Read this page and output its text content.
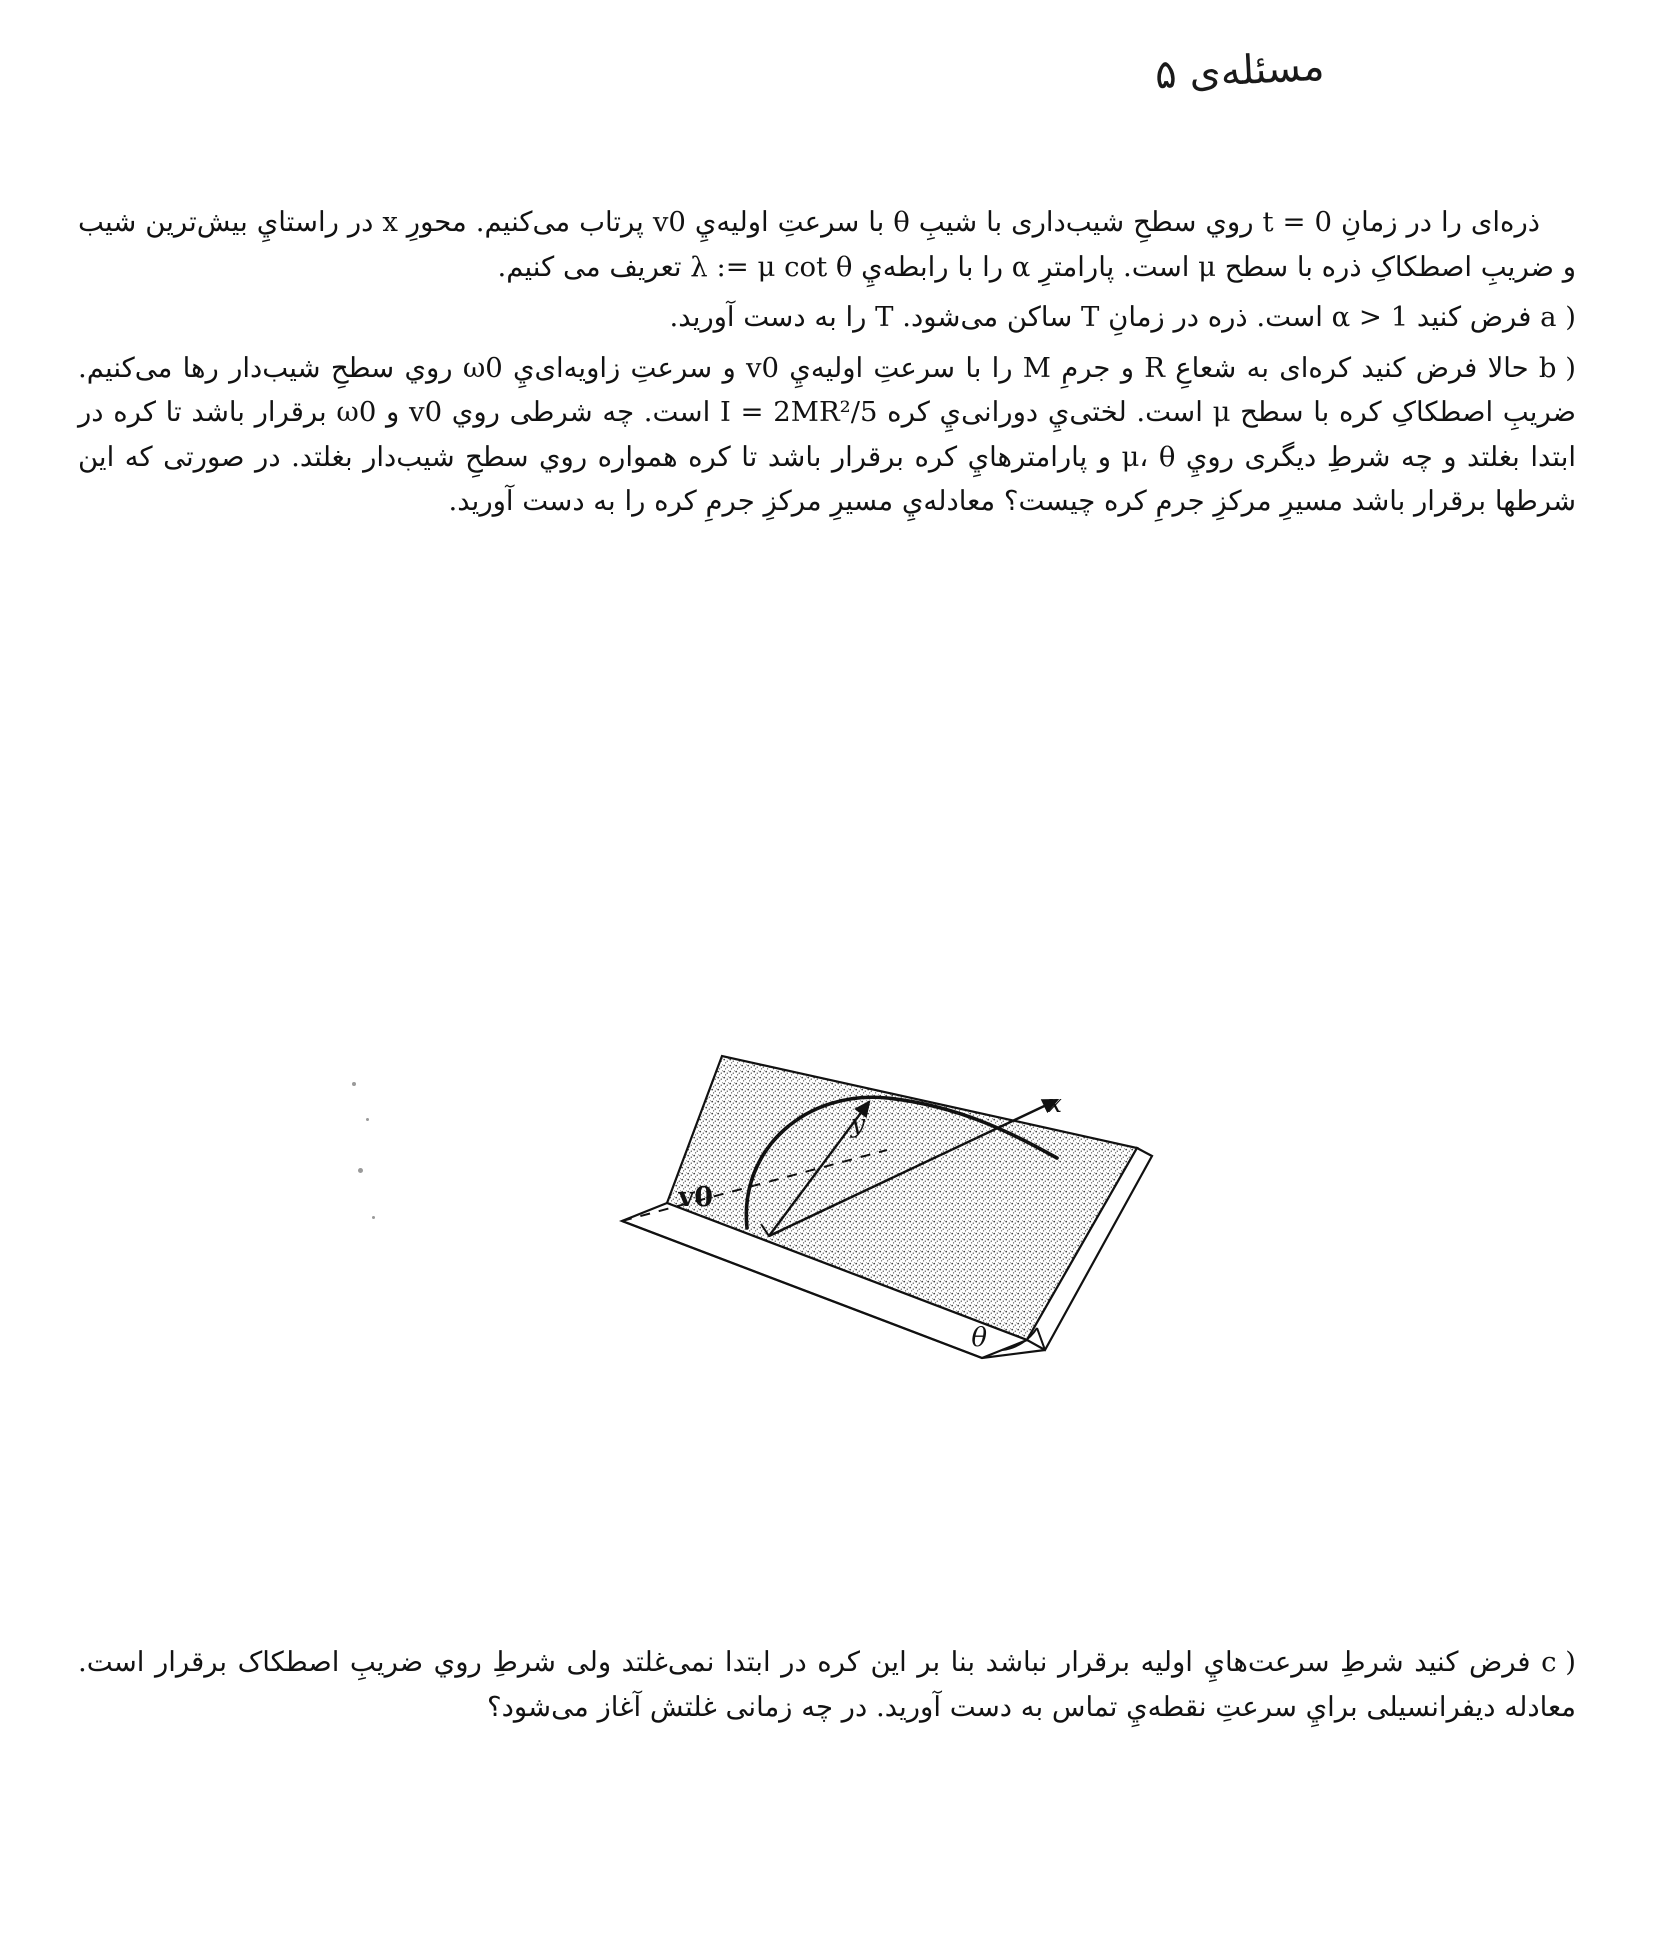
مسئله‌ی ۵

ذره‌ای را در زمانِ t = 0 روي سطحِ شیب‌داری با شیبِ θ با سرعتِ اولیه‌يِ v0 پرتاب می‌کنیم. محورِ x در راستايِ بیش‌ترین شیب و ضریبِ اصطکاکِ ذره با سطح μ است. پارامترِ α را با رابطه‌يِ λ := μ cot θ تعریف می کنیم.

a ) فرض کنید 1 < α است. ذره در زمانِ T ساکن می‌شود. T را به دست آورید.

b ) حالا فرض کنید کره‌ای به شعاعِ R و جرمِ M را با سرعتِ اولیه‌يِ v0 و سرعتِ زاویه‌ای‌يِ ω0 روي سطحِ شیب‌دار رها می‌کنیم. ضریبِ اصطکاکِ کره با سطح μ است. لختی‌يِ دورانی‌يِ کره I = 2MR²/5 است. چه شرطی روي v0 و ω0 برقرار باشد تا کره در ابتدا بغلتد و چه شرطِ دیگری رويِ μ، θ و پارامترهايِ کره برقرار باشد تا کره همواره روي سطحِ شیب‌دار بغلتد. در صورتی که این شرطها برقرار باشد مسیرِ مرکزِ جرمِ کره چیست؟ معادله‌يِ مسیرِ مرکزِ جرمِ کره را به دست آورید.

v0
y
x
θ

c ) فرض کنید شرطِ سرعت‌هايِ اولیه برقرار نباشد بنا بر این کره در ابتدا نمی‌غلتد ولی شرطِ روي ضریبِ اصطکاک برقرار است. معادله دیفرانسیلی برايِ سرعتِ نقطه‌يِ تماس به دست آورید. در چه زمانی غلتش آغاز می‌شود؟
